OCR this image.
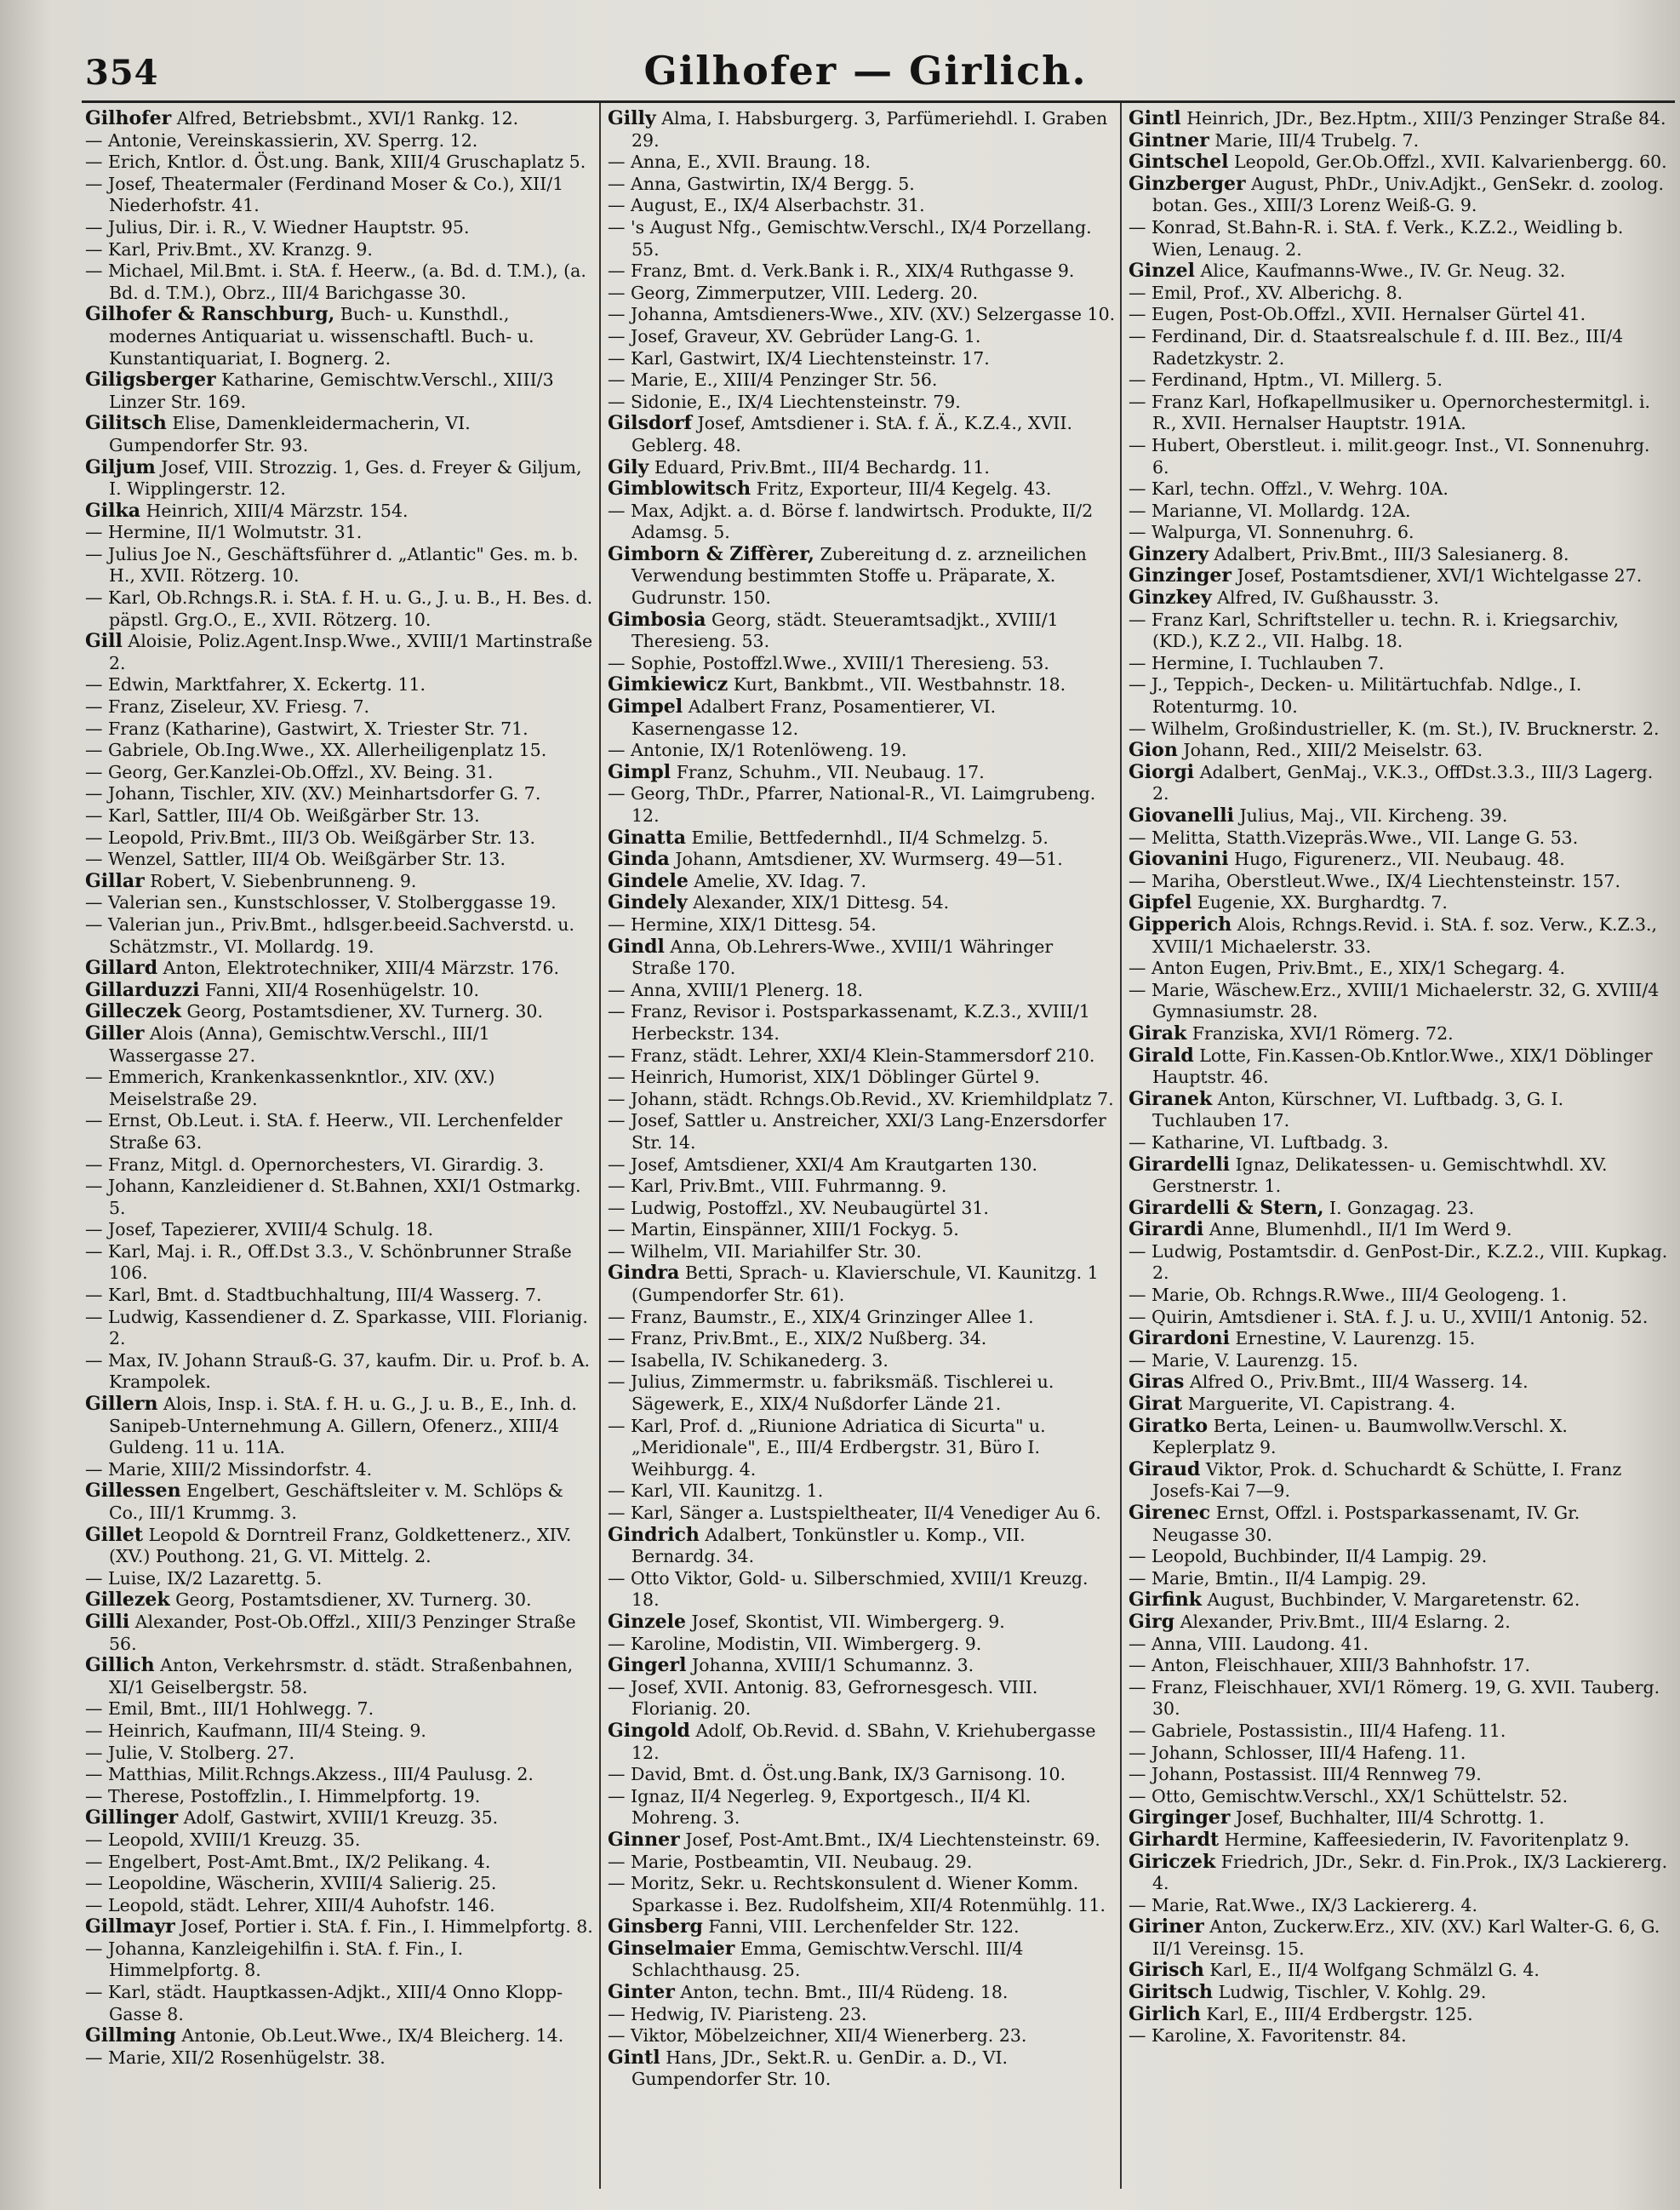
354	Gilhofer — Girlich.

Gilhofer Alfred, Betriebsbmt., XVI/1 Rankg. 12.

— Antonie, Vereinskassierin, XV. Sperrg. 12.

— Erich, Kntlor. d. Öst.ung. Bank, XIII/4 Gruschaplatz 5.

— Josef, Theatermaler (Ferdinand Moser & Co.), XII/1 Niederhofstr. 41.

— Julius, Dir. i. R., V. Wiedner Hauptstr. 95.

— Karl, Priv.Bmt., XV. Kranzg. 9.

— Michael, Mil.Bmt. i. StA. f. Heerw., (a. Bd. d. T.M.), (a. Bd. d. T.M.), Obrz., III/4 Barichgasse 30.

Gilhofer & Ranschburg, Buch- u. Kunsthdl., modernes Antiquariat u. wissenschaftl. Buch- u. Kunstantiquariat, I. Bognerg. 2.

Giligsberger Katharine, Gemischtw.Verschl., XIII/3 Linzer Str. 169.

Gilitsch Elise, Damenkleidermacherin, VI. Gumpendorfer Str. 93.

Giljum Josef, VIII. Strozzig. 1, Ges. d. Freyer & Giljum, I. Wipplingerstr. 12.

Gilka Heinrich, XIII/4 Märzstr. 154.

— Hermine, II/1 Wolmutstr. 31.

— Julius Joe N., Geschäftsführer d. „Atlantic" Ges. m. b. H., XVII. Rötzerg. 10.

— Karl, Ob.Rchngs.R. i. StA. f. H. u. G., J. u. B., H. Bes. d. päpstl. Grg.O., E., XVII. Rötzerg. 10.

Gill Aloisie, Poliz.Agent.Insp.Wwe., XVIII/1 Martinstraße 2.

— Edwin, Marktfahrer, X. Eckertg. 11.

— Franz, Ziseleur, XV. Friesg. 7.

— Franz (Katharine), Gastwirt, X. Triester Str. 71.

— Gabriele, Ob.Ing.Wwe., XX. Allerheiligenplatz 15.

— Georg, Ger.Kanzlei-Ob.Offzl., XV. Being. 31.

— Johann, Tischler, XIV. (XV.) Meinhartsdorfer G. 7.

— Karl, Sattler, III/4 Ob. Weißgärber Str. 13.

— Leopold, Priv.Bmt., III/3 Ob. Weißgärber Str. 13.

— Wenzel, Sattler, III/4 Ob. Weißgärber Str. 13.

Gillar Robert, V. Siebenbrunneng. 9.

— Valerian sen., Kunstschlosser, V. Stolberggasse 19.

— Valerian jun., Priv.Bmt., hdlsger.beeid.Sachverstd. u. Schätzmstr., VI. Mollardg. 19.

Gillard Anton, Elektrotechniker, XIII/4 Märzstr. 176.

Gillarduzzi Fanni, XII/4 Rosenhügelstr. 10.

Gilleczek Georg, Postamtsdiener, XV. Turnerg. 30.

Giller Alois (Anna), Gemischtw.Verschl., III/1 Wassergasse 27.

— Emmerich, Krankenkassenkntlor., XIV. (XV.) Meiselstraße 29.

— Ernst, Ob.Leut. i. StA. f. Heerw., VII. Lerchenfelder Straße 63.

— Franz, Mitgl. d. Opernorchesters, VI. Girardig. 3.

— Johann, Kanzleidiener d. St.Bahnen, XXI/1 Ostmarkg. 5.

— Josef, Tapezierer, XVIII/4 Schulg. 18.

— Karl, Maj. i. R., Off.Dst 3.3., V. Schönbrunner Straße 106.

— Karl, Bmt. d. Stadtbuchhaltung, III/4 Wasserg. 7.

— Ludwig, Kassendiener d. Z. Sparkasse, VIII. Florianig. 2.

— Max, IV. Johann Strauß-G. 37, kaufm. Dir. u. Prof. b. A. Krampolek.

Gillern Alois, Insp. i. StA. f. H. u. G., J. u. B., E., Inh. d. Sanipeb-Unternehmung A. Gillern, Ofenerz., XIII/4 Guldeng. 11 u. 11A.

— Marie, XIII/2 Missindorfstr. 4.

Gillessen Engelbert, Geschäftsleiter v. M. Schlöps & Co., III/1 Krummg. 3.

Gillet Leopold & Dorntreil Franz, Goldkettenerz., XIV. (XV.) Pouthong. 21, G. VI. Mittelg. 2.

— Luise, IX/2 Lazarettg. 5.

Gillezek Georg, Postamtsdiener, XV. Turnerg. 30.

Gilli Alexander, Post-Ob.Offzl., XIII/3 Penzinger Straße 56.

Gillich Anton, Verkehrsmstr. d. städt. Straßenbahnen, XI/1 Geiselbergstr. 58.

— Emil, Bmt., III/1 Hohlwegg. 7.

— Heinrich, Kaufmann, III/4 Steing. 9.

— Julie, V. Stolberg. 27.

— Matthias, Milit.Rchngs.Akzess., III/4 Paulusg. 2.

— Therese, Postoffzlin., I. Himmelpfortg. 19.

Gillinger Adolf, Gastwirt, XVIII/1 Kreuzg. 35.

— Leopold, XVIII/1 Kreuzg. 35.

— Engelbert, Post-Amt.Bmt., IX/2 Pelikang. 4.

— Leopoldine, Wäscherin, XVIII/4 Salierig. 25.

— Leopold, städt. Lehrer, XIII/4 Auhofstr. 146.

Gillmayr Josef, Portier i. StA. f. Fin., I. Himmelpfortg. 8.

— Johanna, Kanzleigehilfin i. StA. f. Fin., I. Himmelpfortg. 8.

— Karl, städt. Hauptkassen-Adjkt., XIII/4 Onno Klopp-Gasse 8.

Gillming Antonie, Ob.Leut.Wwe., IX/4 Bleicherg. 14.

— Marie, XII/2 Rosenhügelstr. 38.

Gilly Alma, I. Habsburgerg. 3, Parfümeriehdl. I. Graben 29.

— Anna, E., XVII. Braung. 18.

— Anna, Gastwirtin, IX/4 Bergg. 5.

— August, E., IX/4 Alserbachstr. 31.

— 's August Nfg., Gemischtw.Verschl., IX/4 Porzellang. 55.

— Franz, Bmt. d. Verk.Bank i. R., XIX/4 Ruthgasse 9.

— Georg, Zimmerputzer, VIII. Lederg. 20.

— Johanna, Amtsdieners-Wwe., XIV. (XV.) Selzergasse 10.

— Josef, Graveur, XV. Gebrüder Lang-G. 1.

— Karl, Gastwirt, IX/4 Liechtensteinstr. 17.

— Marie, E., XIII/4 Penzinger Str. 56.

— Sidonie, E., IX/4 Liechtensteinstr. 79.

Gilsdorf Josef, Amtsdiener i. StA. f. Ä., K.Z.4., XVII. Geblerg. 48.

Gily Eduard, Priv.Bmt., III/4 Bechardg. 11.

Gimblowitsch Fritz, Exporteur, III/4 Kegelg. 43.

— Max, Adjkt. a. d. Börse f. landwirtsch. Produkte, II/2 Adamsg. 5.

Gimborn & Ziffèrer, Zubereitung d. z. arzneilichen Verwendung bestimmten Stoffe u. Präparate, X. Gudrunstr. 150.

Gimbosia Georg, städt. Steueramtsadjkt., XVIII/1 Theresieng. 53.

— Sophie, Postoffzl.Wwe., XVIII/1 Theresieng. 53.

Gimkiewicz Kurt, Bankbmt., VII. Westbahnstr. 18.

Gimpel Adalbert Franz, Posamentierer, VI. Kasernengasse 12.

— Antonie, IX/1 Rotenlöweng. 19.

Gimpl Franz, Schuhm., VII. Neubaug. 17.

— Georg, ThDr., Pfarrer, National-R., VI. Laimgrubeng. 12.

Ginatta Emilie, Bettfedernhdl., II/4 Schmelzg. 5.

Ginda Johann, Amtsdiener, XV. Wurmserg. 49—51.

Gindele Amelie, XV. Idag. 7.

Gindely Alexander, XIX/1 Dittesg. 54.

— Hermine, XIX/1 Dittesg. 54.

Gindl Anna, Ob.Lehrers-Wwe., XVIII/1 Währinger Straße 170.

— Anna, XVIII/1 Plenerg. 18.

— Franz, Revisor i. Postsparkassenamt, K.Z.3., XVIII/1 Herbeckstr. 134.

— Franz, städt. Lehrer, XXI/4 Klein-Stammersdorf 210.

— Heinrich, Humorist, XIX/1 Döblinger Gürtel 9.

— Johann, städt. Rchngs.Ob.Revid., XV. Kriemhildplatz 7.

— Josef, Sattler u. Anstreicher, XXI/3 Lang-Enzersdorfer Str. 14.

— Josef, Amtsdiener, XXI/4 Am Krautgarten 130.

— Karl, Priv.Bmt., VIII. Fuhrmanng. 9.

— Ludwig, Postoffzl., XV. Neubaugürtel 31.

— Martin, Einspänner, XIII/1 Fockyg. 5.

— Wilhelm, VII. Mariahilfer Str. 30.

Gindra Betti, Sprach- u. Klavierschule, VI. Kaunitzg. 1 (Gumpendorfer Str. 61).

— Franz, Baumstr., E., XIX/4 Grinzinger Allee 1.

— Franz, Priv.Bmt., E., XIX/2 Nußberg. 34.

— Isabella, IV. Schikanederg. 3.

— Julius, Zimmermstr. u. fabriksmäß. Tischlerei u. Sägewerk, E., XIX/4 Nußdorfer Lände 21.

— Karl, Prof. d. „Riunione Adriatica di Sicurta" u. „Meridionale", E., III/4 Erdbergstr. 31, Büro I. Weihburgg. 4.

— Karl, VII. Kaunitzg. 1.

— Karl, Sänger a. Lustspieltheater, II/4 Venediger Au 6.

Gindrich Adalbert, Tonkünstler u. Komp., VII. Bernardg. 34.

— Otto Viktor, Gold- u. Silberschmied, XVIII/1 Kreuzg. 18.

Ginzele Josef, Skontist, VII. Wimbergerg. 9.

— Karoline, Modistin, VII. Wimbergerg. 9.

Gingerl Johanna, XVIII/1 Schumannz. 3.

— Josef, XVII. Antonig. 83, Gefrornesgesch. VIII. Florianig. 20.

Gingold Adolf, Ob.Revid. d. SBahn, V. Kriehubergasse 12.

— David, Bmt. d. Öst.ung.Bank, IX/3 Garnisong. 10.

— Ignaz, II/4 Negerleg. 9, Exportgesch., II/4 Kl. Mohreng. 3.

Ginner Josef, Post-Amt.Bmt., IX/4 Liechtensteinstr. 69.

— Marie, Postbeamtin, VII. Neubaug. 29.

— Moritz, Sekr. u. Rechtskonsulent d. Wiener Komm. Sparkasse i. Bez. Rudolfsheim, XII/4 Rotenmühlg. 11.

Ginsberg Fanni, VIII. Lerchenfelder Str. 122.

Ginselmaier Emma, Gemischtw.Verschl. III/4 Schlachthausg. 25.

Ginter Anton, techn. Bmt., III/4 Rüdeng. 18.

— Hedwig, IV. Piaristeng. 23.

— Viktor, Möbelzeichner, XII/4 Wienerberg. 23.

Gintl Hans, JDr., Sekt.R. u. GenDir. a. D., VI. Gumpendorfer Str. 10.

Gintl Heinrich, JDr., Bez.Hptm., XIII/3 Penzinger Straße 84.

Gintner Marie, III/4 Trubelg. 7.

Gintschel Leopold, Ger.Ob.Offzl., XVII. Kalvarienbergg. 60.

Ginzberger August, PhDr., Univ.Adjkt., GenSekr. d. zoolog. botan. Ges., XIII/3 Lorenz Weiß-G. 9.

— Konrad, St.Bahn-R. i. StA. f. Verk., K.Z.2., Weidling b. Wien, Lenaug. 2.

Ginzel Alice, Kaufmanns-Wwe., IV. Gr. Neug. 32.

— Emil, Prof., XV. Alberichg. 8.

— Eugen, Post-Ob.Offzl., XVII. Hernalser Gürtel 41.

— Ferdinand, Dir. d. Staatsrealschule f. d. III. Bez., III/4 Radetzkystr. 2.

— Ferdinand, Hptm., VI. Millerg. 5.

— Franz Karl, Hofkapellmusiker u. Opernorchestermitgl. i. R., XVII. Hernalser Hauptstr. 191A.

— Hubert, Oberstleut. i. milit.geogr. Inst., VI. Sonnenuhrg. 6.

— Karl, techn. Offzl., V. Wehrg. 10A.

— Marianne, VI. Mollardg. 12A.

— Walpurga, VI. Sonnenuhrg. 6.

Ginzery Adalbert, Priv.Bmt., III/3 Salesianerg. 8.

Ginzinger Josef, Postamtsdiener, XVI/1 Wichtelgasse 27.

Ginzkey Alfred, IV. Gußhausstr. 3.

— Franz Karl, Schriftsteller u. techn. R. i. Kriegsarchiv, (KD.), K.Z 2., VII. Halbg. 18.

— Hermine, I. Tuchlauben 7.

— J., Teppich-, Decken- u. Militärtuchfab. Ndlge., I. Rotenturmg. 10.

— Wilhelm, Großindustrieller, K. (m. St.), IV. Brucknerstr. 2.

Gion Johann, Red., XIII/2 Meiselstr. 63.

Giorgi Adalbert, GenMaj., V.K.3., OffDst.3.3., III/3 Lagerg. 2.

Giovanelli Julius, Maj., VII. Kircheng. 39.

— Melitta, Statth.Vizepräs.Wwe., VII. Lange G. 53.

Giovanini Hugo, Figurenerz., VII. Neubaug. 48.

— Mariha, Oberstleut.Wwe., IX/4 Liechtensteinstr. 157.

Gipfel Eugenie, XX. Burghardtg. 7.

Gipperich Alois, Rchngs.Revid. i. StA. f. soz. Verw., K.Z.3., XVIII/1 Michaelerstr. 33.

— Anton Eugen, Priv.Bmt., E., XIX/1 Schegarg. 4.

— Marie, Wäschew.Erz., XVIII/1 Michaelerstr. 32, G. XVIII/4 Gymnasiumstr. 28.

Girak Franziska, XVI/1 Römerg. 72.

Girald Lotte, Fin.Kassen-Ob.Kntlor.Wwe., XIX/1 Döblinger Hauptstr. 46.

Giranek Anton, Kürschner, VI. Luftbadg. 3, G. I. Tuchlauben 17.

— Katharine, VI. Luftbadg. 3.

Girardelli Ignaz, Delikatessen- u. Gemischtwhdl. XV. Gerstnerstr. 1.

Girardelli & Stern, I. Gonzagag. 23.

Girardi Anne, Blumenhdl., II/1 Im Werd 9.

— Ludwig, Postamtsdir. d. GenPost-Dir., K.Z.2., VIII. Kupkag. 2.

— Marie, Ob. Rchngs.R.Wwe., III/4 Geologeng. 1.

— Quirin, Amtsdiener i. StA. f. J. u. U., XVIII/1 Antonig. 52.

Girardoni Ernestine, V. Laurenzg. 15.

— Marie, V. Laurenzg. 15.

Giras Alfred O., Priv.Bmt., III/4 Wasserg. 14.

Girat Marguerite, VI. Capistrang. 4.

Giratko Berta, Leinen- u. Baumwollw.Verschl. X. Keplerplatz 9.

Giraud Viktor, Prok. d. Schuchardt & Schütte, I. Franz Josefs-Kai 7—9.

Girenec Ernst, Offzl. i. Postsparkassenamt, IV. Gr. Neugasse 30.

— Leopold, Buchbinder, II/4 Lampig. 29.

— Marie, Bmtin., II/4 Lampig. 29.

Girfink August, Buchbinder, V. Margaretenstr. 62.

Girg Alexander, Priv.Bmt., III/4 Eslarng. 2.

— Anna, VIII. Laudong. 41.

— Anton, Fleischhauer, XIII/3 Bahnhofstr. 17.

— Franz, Fleischhauer, XVI/1 Römerg. 19, G. XVII. Tauberg. 30.

— Gabriele, Postassistin., III/4 Hafeng. 11.

— Johann, Schlosser, III/4 Hafeng. 11.

— Johann, Postassist. III/4 Rennweg 79.

— Otto, Gemischtw.Verschl., XX/1 Schüttelstr. 52.

Girginger Josef, Buchhalter, III/4 Schrottg. 1.

Girhardt Hermine, Kaffeesiederin, IV. Favoritenplatz 9.

Giriczek Friedrich, JDr., Sekr. d. Fin.Prok., IX/3 Lackiererg. 4.

— Marie, Rat.Wwe., IX/3 Lackiererg. 4.

Giriner Anton, Zuckerw.Erz., XIV. (XV.) Karl Walter-G. 6, G. II/1 Vereinsg. 15.

Girisch Karl, E., II/4 Wolfgang Schmälzl G. 4.

Giritsch Ludwig, Tischler, V. Kohlg. 29.

Girlich Karl, E., III/4 Erdbergstr. 125.

— Karoline, X. Favoritenstr. 84.
